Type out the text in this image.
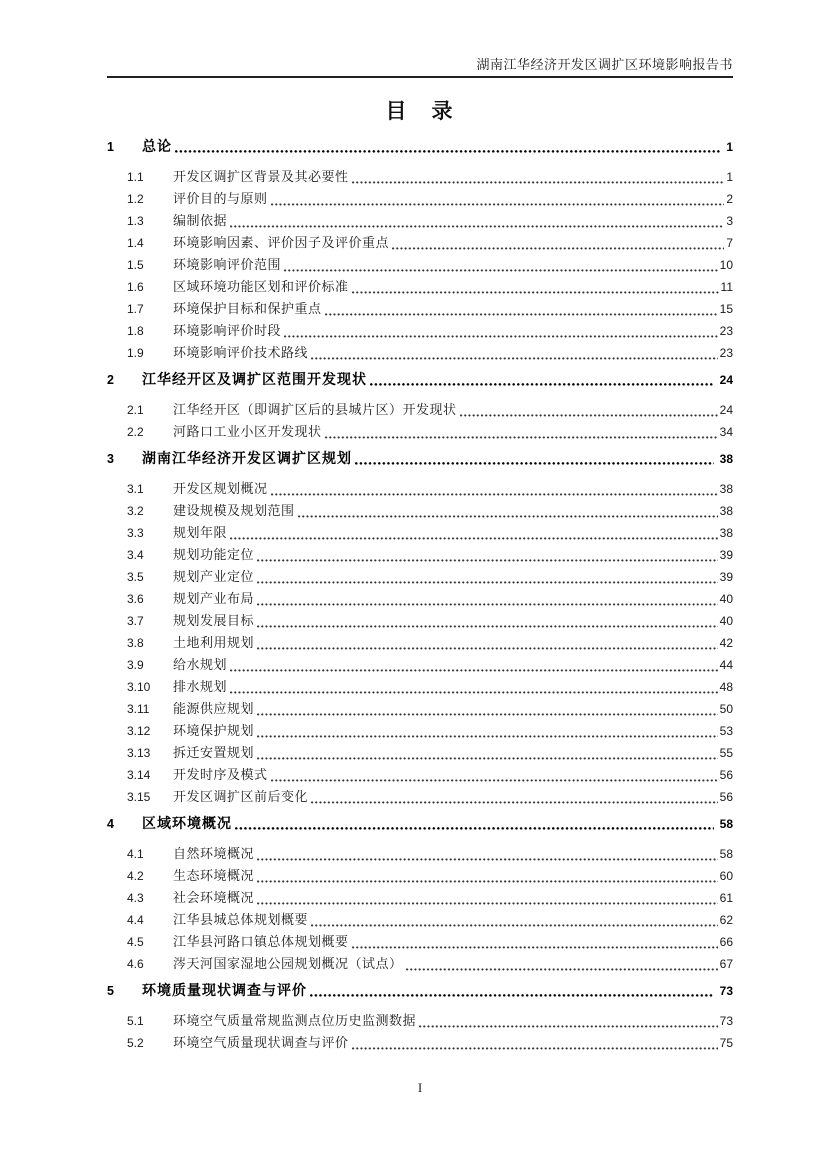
湖南江华经济开发区调扩区环境影响报告书
目　录
1	总论	1
1.1	开发区调扩区背景及其必要性	1
1.2	评价目的与原则	2
1.3	编制依据	3
1.4	环境影响因素、评价因子及评价重点	7
1.5	环境影响评价范围	10
1.6	区域环境功能区划和评价标准	11
1.7	环境保护目标和保护重点	15
1.8	环境影响评价时段	23
1.9	环境影响评价技术路线	23
2	江华经开区及调扩区范围开发现状	24
2.1	江华经开区（即调扩区后的县城片区）开发现状	24
2.2	河路口工业小区开发现状	34
3	湖南江华经济开发区调扩区规划	38
3.1	开发区规划概况	38
3.2	建设规模及规划范围	38
3.3	规划年限	38
3.4	规划功能定位	39
3.5	规划产业定位	39
3.6	规划产业布局	40
3.7	规划发展目标	40
3.8	土地利用规划	42
3.9	给水规划	44
3.10	排水规划	48
3.11	能源供应规划	50
3.12	环境保护规划	53
3.13	拆迁安置规划	55
3.14	开发时序及模式	56
3.15	开发区调扩区前后变化	56
4	区域环境概况	58
4.1	自然环境概况	58
4.2	生态环境概况	60
4.3	社会环境概况	61
4.4	江华县城总体规划概要	62
4.5	江华县河路口镇总体规划概要	66
4.6	涔天河国家湿地公园规划概况（试点）	67
5	环境质量现状调查与评价	73
5.1	环境空气质量常规监测点位历史监测数据	73
5.2	环境空气质量现状调查与评价	75
I
